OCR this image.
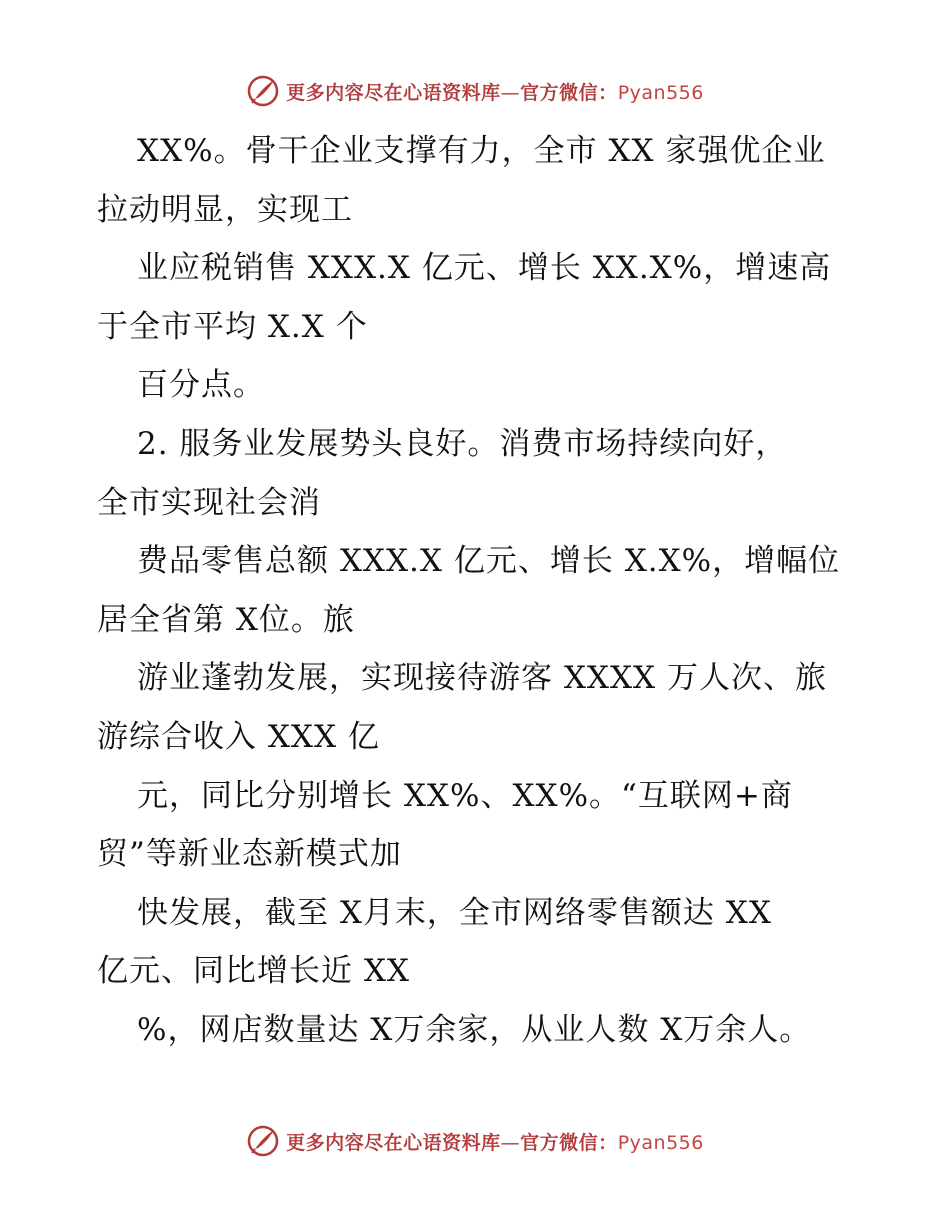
更多内容尽在心语资料库—官方微信：Pyan556
XX%。骨干企业支撑有力，全市 XX 家强优企业
拉动明显，实现工
业应税销售 XXX.X 亿元、增长 XX.X%，增速高
于全市平均 X.X 个
百分点。
2. 服务业发展势头良好。消费市场持续向好，
全市实现社会消
费品零售总额 XXX.X 亿元、增长 X.X%，增幅位
居全省第 X位。旅
游业蓬勃发展，实现接待游客 XXXX 万人次、旅
游综合收入 XXX 亿
元，同比分别增长 XX%、XX%。“互联网+商
贸”等新业态新模式加
快发展，截至 X月末，全市网络零售额达 XX
亿元、同比增长近 XX
%，网店数量达 X万余家，从业人数 X万余人。
更多内容尽在心语资料库—官方微信：Pyan556
